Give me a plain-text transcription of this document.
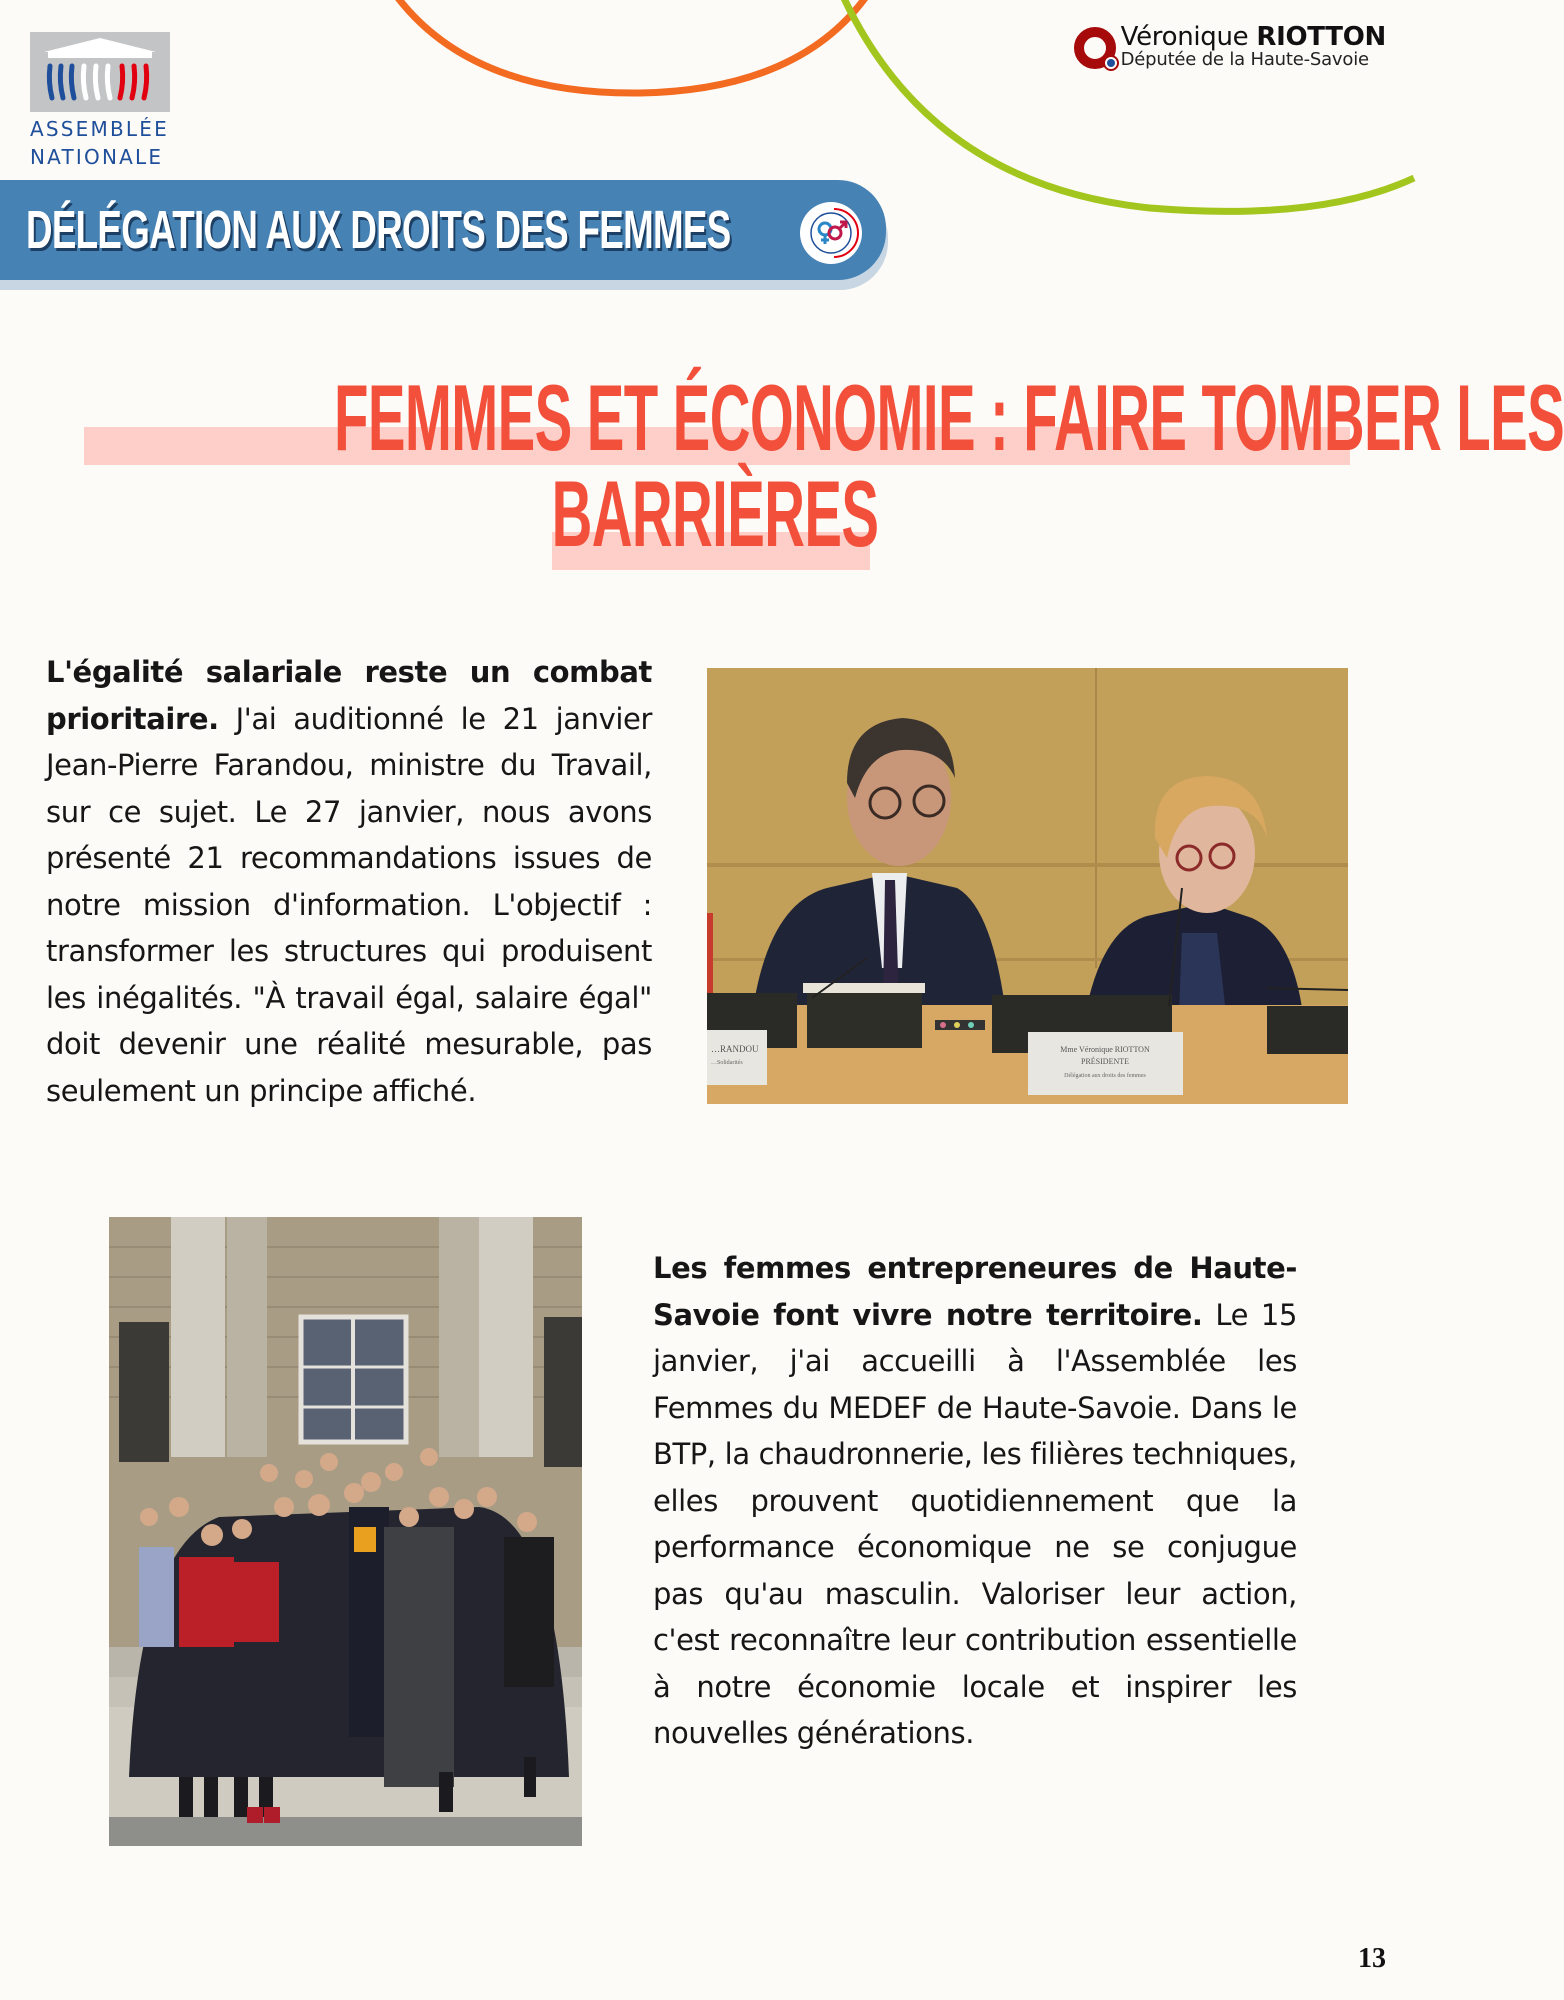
ASSEMBLÉE
NATIONALE
Véronique RIOTTON
Députée de la Haute-Savoie
DÉLÉGATION AUX DROITS DES FEMMES
FEMMES ET ÉCONOMIE : FAIRE TOMBER LES
BARRIÈRES

L'égalité salariale reste un combat prioritaire. J'ai auditionné le 21 janvier Jean-Pierre Farandou, ministre du Travail, sur ce sujet. Le 27 janvier, nous avons présenté 21 recommandations issues de notre mission d'information. L'objectif : transformer les structures qui produisent les inégalités. "À travail égal, salaire égal" doit devenir une réalité mesurable, pas seulement un principe affiché.

…RANDOU
…Solidarités
Mme Véronique RIOTTON
PRÉSIDENTE
Délégation aux droits des femmes

Les femmes entrepreneures de Haute-Savoie font vivre notre territoire. Le 15 janvier, j'ai accueilli à l'Assemblée les Femmes du MEDEF de Haute-Savoie. Dans le BTP, la chaudronnerie, les filières techniques, elles prouvent quotidiennement que la performance économique ne se conjugue pas qu'au masculin. Valoriser leur action, c'est reconnaître leur contribution essentielle à notre économie locale et inspirer les nouvelles générations.

13
